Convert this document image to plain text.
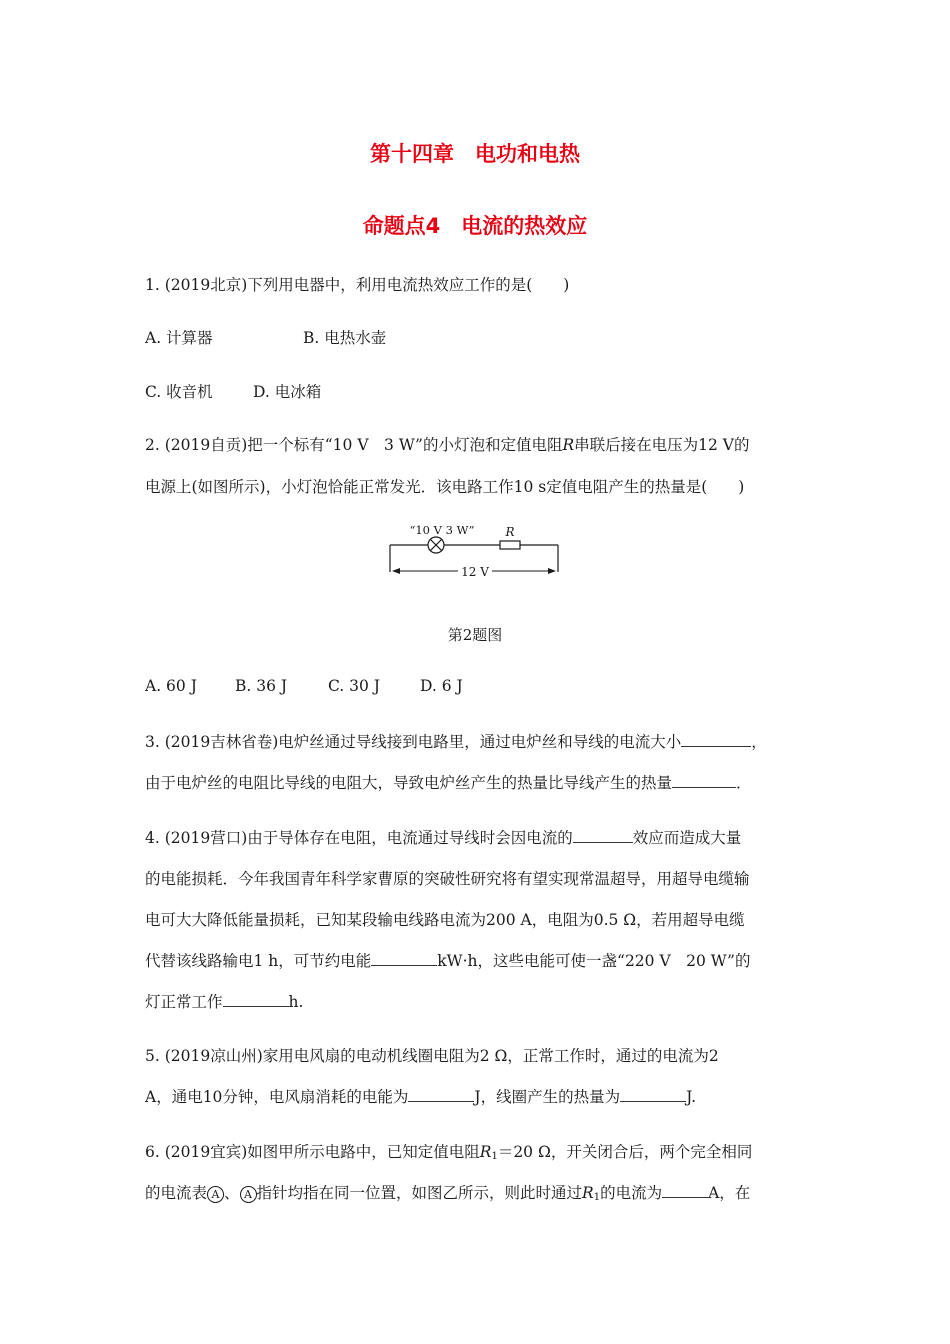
第十四章　电功和电热
命题点4　电流的热效应
1. (2019北京)下列用电器中，利用电流热效应工作的是(　　)
A. 计算器	B. 电热水壶
C. 收音机	D. 电冰箱
2. (2019自贡)把一个标有“10 V　3 W”的小灯泡和定值电阻R串联后接在电压为12 V的
电源上(如图所示)，小灯泡恰能正常发光．该电路工作10 s定值电阻产生的热量是(　　)
12 V
“10 V 3 W”	R
第2题图
A. 60 J B. 36 J	C. 30 J	D. 6 J
3. (2019吉林省卷)电炉丝通过导线接到电路里，通过电炉丝和导线的电流大小	，
由于电炉丝的电阻比导线的电阻大，导致电炉丝产生的热量比导线产生的热量	．
4. (2019营口)由于导体存在电阻，电流通过导线时会因电流的	效应而造成大量
的电能损耗．今年我国青年科学家曹原的突破性研究将有望实现常温超导，用超导电缆输
电可大大降低能量损耗，已知某段输电线路电流为200 A，电阻为0.5 Ω，若用超导电缆
代替该线路输电1 h，可节约电能	kW·h，这些电能可使一盏“220 V　20 W”的
灯正常工作	h.
5. (2019凉山州)家用电风扇的电动机线圈电阻为2 Ω，正常工作时，通过的电流为2
A，通电10分钟，电风扇消耗的电能为	J，线圈产生的热量为	J.
6. (2019宜宾)如图甲所示电路中，已知定值电阻$R_1=20$ Ω，开关闭合后，两个完全相同
的电流表 A 、 A 指针均指在同一位置，如图乙所示，则此时通过$R_1$的电流为	A，在
